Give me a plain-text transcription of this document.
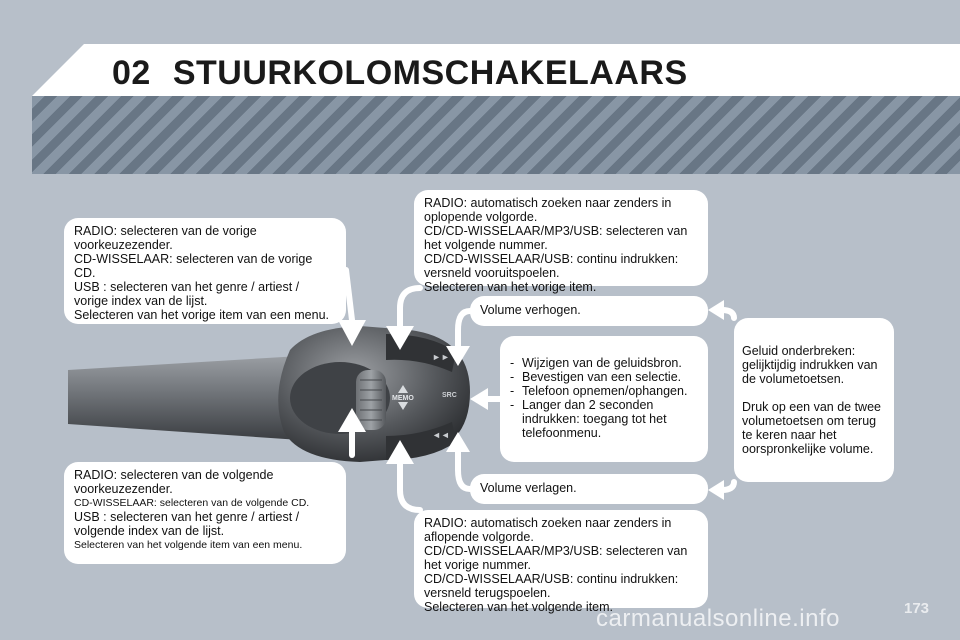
02 STUURKOLOMSCHAKELAARS
MEMO	SRC
►►
◄◄

RADIO: selecteren van de vorige

voorkeuzezender.

CD-WISSELAAR: selecteren van de vorige

CD.

USB : selecteren van het genre / artiest /

vorige index van de lijst.

Selecteren van het vorige item van een menu.

RADIO: selecteren van de volgende

voorkeuzezender.

CD-WISSELAAR: selecteren van de volgende CD.

USB : selecteren van het genre / artiest /

volgende index van de lijst.

Selecteren van het volgende item van een menu.

RADIO: automatisch zoeken naar zenders in

oplopende volgorde.

CD/CD-WISSELAAR/MP3/USB: selecteren van

het volgende nummer.

CD/CD-WISSELAAR/USB: continu indrukken:

versneld vooruitspoelen.

Selecteren van het vorige item.

RADIO: automatisch zoeken naar zenders in

aflopende volgorde.

CD/CD-WISSELAAR/MP3/USB: selecteren van

het vorige nummer.

CD/CD-WISSELAAR/USB: continu indrukken:

versneld terugspoelen.

Selecteren van het volgende item.

Volume verhogen.

Volume verlagen.

- Wijzigen van de geluidsbron.
- Bevestigen van een selectie.
- Telefoon opnemen/ophangen.
- Langer dan 2 seconden indrukken: toegang tot het telefoonmenu.

Geluid onderbreken: gelijktijdig indrukken van de volumetoetsen.

Druk op een van de twee volumetoetsen om terug te keren naar het oorspronkelijke volume.

173
carmanualsonline.info
